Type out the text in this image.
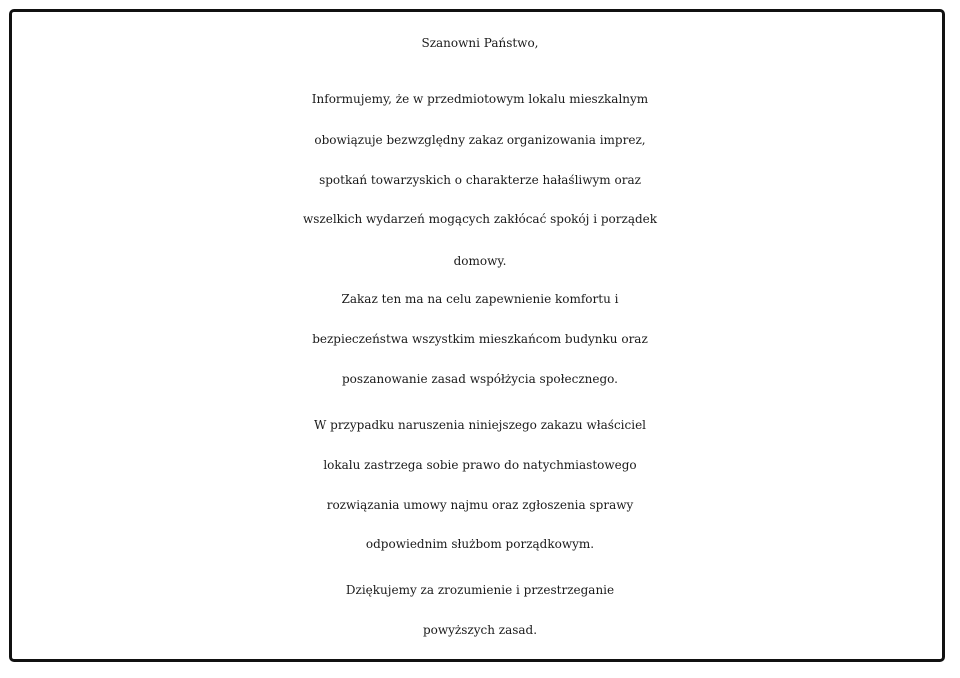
Szanowni Państwo,
Informujemy, że w przedmiotowym lokalu mieszkalnym
obowiązuje bezwzględny zakaz organizowania imprez,
spotkań towarzyskich o charakterze hałaśliwym oraz
wszelkich wydarzeń mogących zakłócać spokój i porządek
domowy.
Zakaz ten ma na celu zapewnienie komfortu i
bezpieczeństwa wszystkim mieszkańcom budynku oraz
poszanowanie zasad współżycia społecznego.
W przypadku naruszenia niniejszego zakazu właściciel
lokalu zastrzega sobie prawo do natychmiastowego
rozwiązania umowy najmu oraz zgłoszenia sprawy
odpowiednim służbom porządkowym.
Dziękujemy za zrozumienie i przestrzeganie
powyższych zasad.
